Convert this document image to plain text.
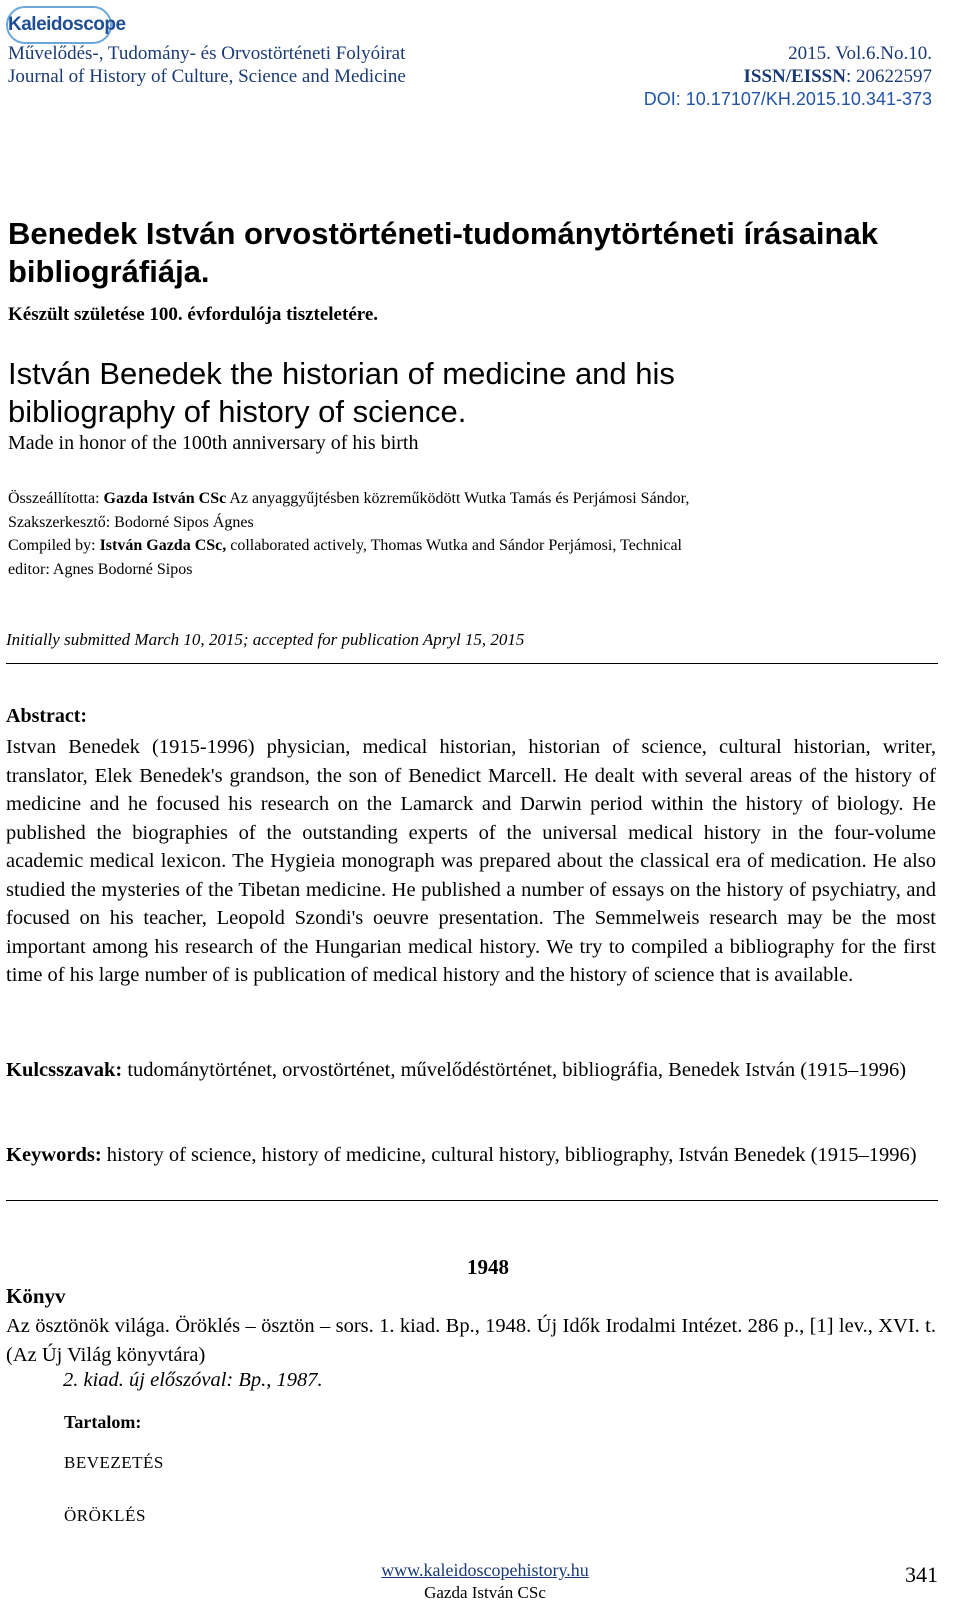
Kaleidoscope
Művelődés-, Tudomány- és Orvostörténeti Folyóirat
Journal of History of Culture, Science and Medicine
2015. Vol.6.No.10.
ISSN/EISSN: 20622597
DOI: 10.17107/KH.2015.10.341-373
Benedek István orvostörténeti-tudománytörténeti írásainak
bibliográfiája.
Készült születése 100. évfordulója tiszteletére.
István Benedek the historian of medicine and his
bibliography of history of science.
Made in honor of the 100th anniversary of his birth
Összeállította: Gazda István CSc Az anyaggyűjtésben közreműködött Wutka Tamás és Perjámosi Sándor,
Szakszerkesztő: Bodorné Sipos Ágnes
Compiled by: István Gazda CSc, collaborated actively, Thomas Wutka and Sándor Perjámosi, Technical
editor: Agnes Bodorné Sipos
Initially submitted March 10, 2015; accepted for publication Apryl 15, 2015
Abstract:
Istvan Benedek (1915-1996) physician, medical historian, historian of science, cultural historian, writer, translator, Elek Benedek's grandson, the son of Benedict Marcell. He dealt with several areas of the history of medicine and he focused his research on the Lamarck and Darwin period within the history of biology. He published the biographies of the outstanding experts of the universal medical history in the four-volume academic medical lexicon. The Hygieia monograph was prepared about the classical era of medication. He also studied the mysteries of the Tibetan medicine. He published a number of essays on the history of psychiatry, and focused on his teacher, Leopold Szondi's oeuvre presentation. The Semmelweis research may be the most important among his research of the Hungarian medical history. We try to compiled a bibliography for the first time of his large number of is publication of medical history and the history of science that is available.
Kulcsszavak: tudománytörténet, orvostörténet, művelődéstörténet, bibliográfia, Benedek István (1915–1996)
Keywords: history of science, history of medicine, cultural history, bibliography, István Benedek (1915–1996)
1948
Könyv
Az ösztönök világa. Öröklés – ösztön – sors. 1. kiad. Bp., 1948. Új Idők Irodalmi Intézet. 286 p., [1] lev., XVI. t. (Az Új Világ könyvtára)
2. kiad. új előszóval: Bp., 1987.
Tartalom:
BEVEZETÉS
ÖRÖKLÉS
www.kaleidoscopehistory.hu
Gazda István CSc
341
